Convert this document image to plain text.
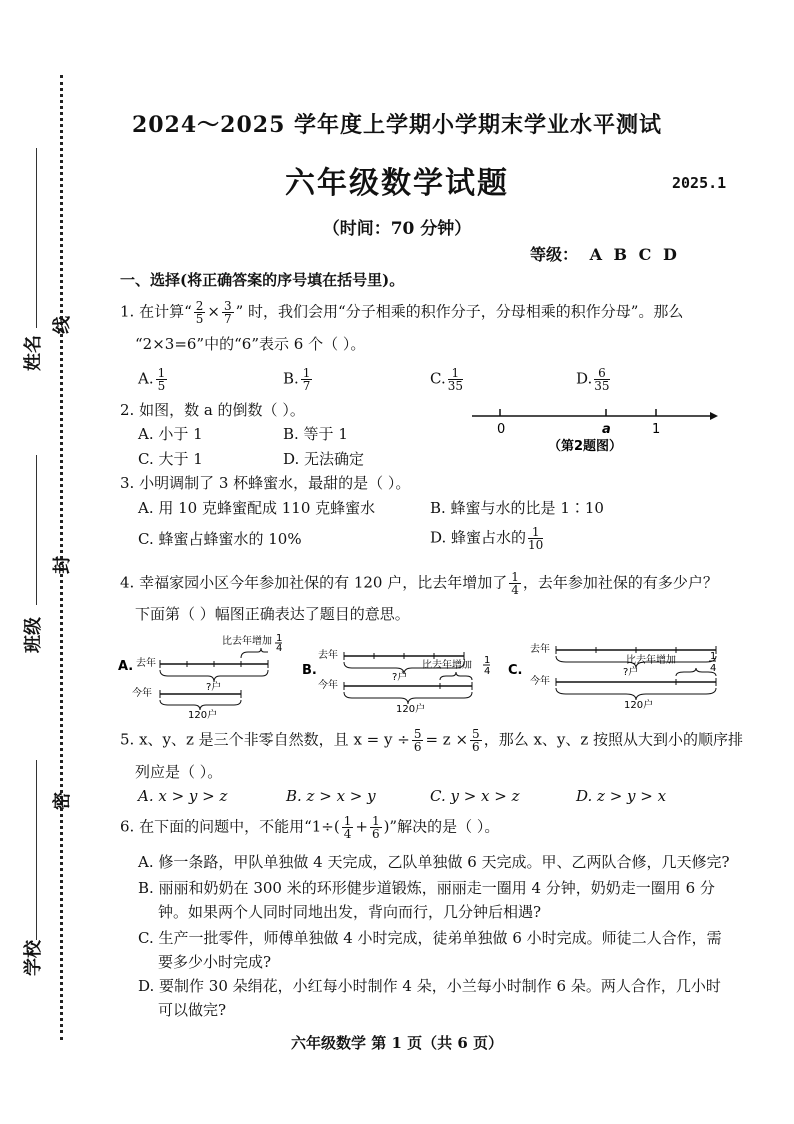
姓名
班级
学校
线
封
密
2024～2025 学年度上学期小学期末学业水平测试
六年级数学试题	2025.1
（时间：70 分钟）
等级： A B C D
一、选择(将正确答案的序号填在括号里)。
1. 在计算“ $\frac{2}{5} \times \frac{3}{7}$ ” 时，我们会用“分子相乘的积作分子，分母相乘的积作分母”。那么
“2×3=6”中的“6”表示 6 个（ ）。
A. $\frac{1}{5}$	B. $\frac{1}{7}$	C. $\frac{1}{35}$	D. $\frac{6}{35}$
2. 如图，数 a 的倒数（ ）。
A. 小于 1	B. 等于 1
C. 大于 1	D. 无法确定
0	a	1
（第2题图）
3. 小明调制了 3 杯蜂蜜水，最甜的是（ ）。
A. 用 10 克蜂蜜配成 110 克蜂蜜水	B. 蜂蜜与水的比是 1∶10
C. 蜂蜜占蜂蜜水的 10%	D. 蜂蜜占水的 $\frac{1}{10}$
4. 幸福家园小区今年参加社保的有 120 户，比去年增加了 $\frac{1}{4}$ ，去年参加社保的有多少户？
下面第（ ）幅图正确表达了题目的意思。
A. 去年
比去年增加 1
4
?户
今年
120户
B.
去年
?户
比去年增加 1
4
今年
120户
C.
去年
?户
比去年增加	1
4
今年
120户
5. x、y、z 是三个非零自然数，且 $x = y \div \frac{5}{6} = z \times \frac{5}{6}$ ，那么 x、y、z 按照从大到小的顺序排
列应是（ ）。
A. x > y > z	B. z > x > y	C. y > x > z	D. z > y > x
6. 在下面的问题中，不能用“$1\div( \frac{1}{4} + \frac{1}{6}$ )”解决的是（ ）。
A. 修一条路，甲队单独做 4 天完成，乙队单独做 6 天完成。甲、乙两队合修，几天修完?
B. 丽丽和奶奶在 300 米的环形健步道锻炼，丽丽走一圈用 4 分钟，奶奶走一圈用 6 分
钟。如果两个人同时同地出发，背向而行，几分钟后相遇?
C. 生产一批零件，师傅单独做 4 小时完成，徒弟单独做 6 小时完成。师徒二人合作，需
要多少小时完成?
D. 要制作 30 朵绢花，小红每小时制作 4 朵，小兰每小时制作 6 朵。两人合作，几小时
可以做完?
六年级数学 第 1 页（共 6 页）
